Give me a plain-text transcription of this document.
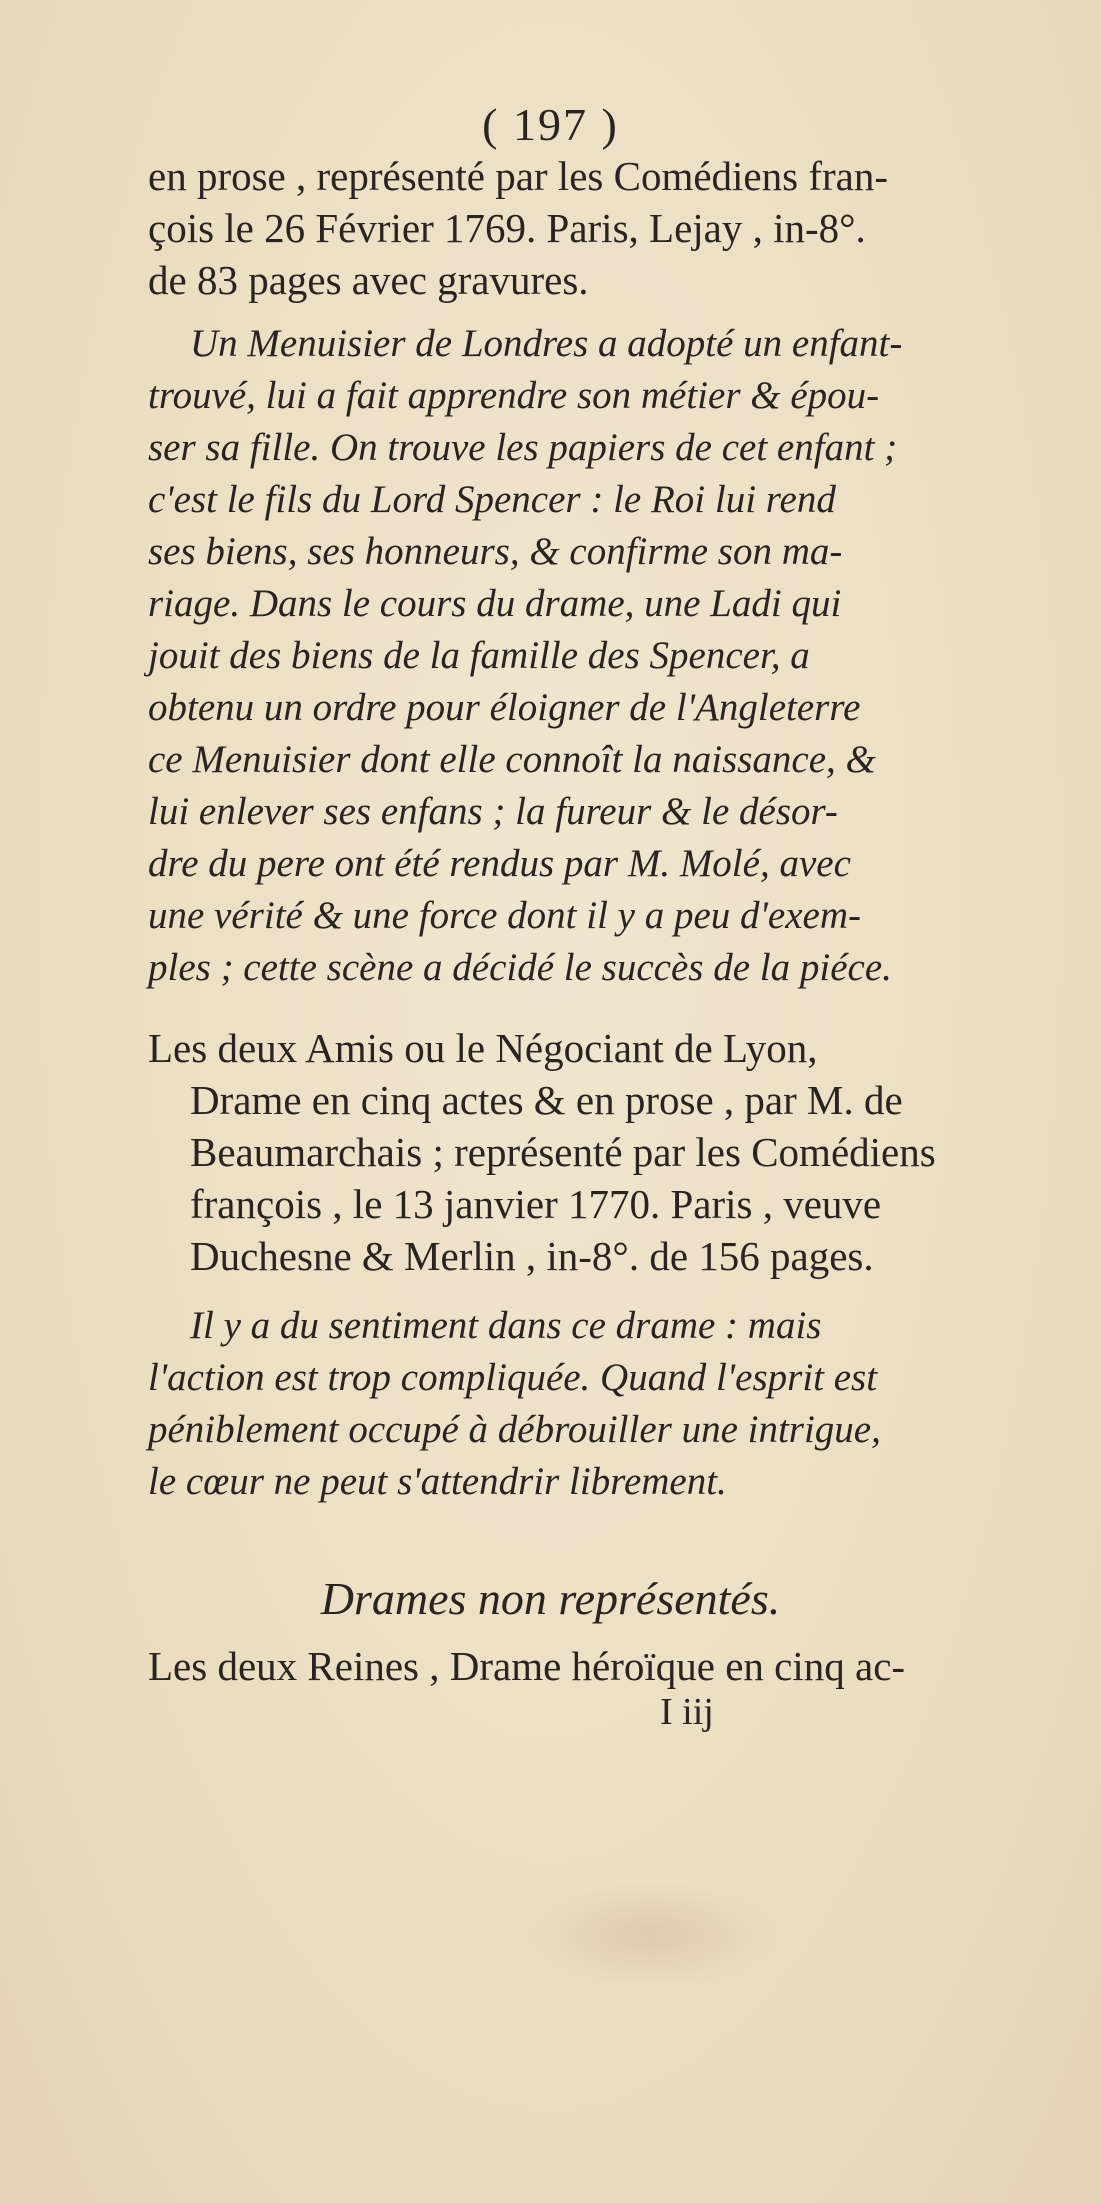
( 197 )
en prose , représenté par les Comédiens fran-
çois le 26 Février 1769. Paris, Lejay , in-8°.
de 83 pages avec gravures.
Un Menuisier de Londres a adopté un enfant-
trouvé, lui a fait apprendre son métier & épou-
ser sa fille. On trouve les papiers de cet enfant ;
c'est le fils du Lord Spencer : le Roi lui rend
ses biens, ses honneurs, & confirme son ma-
riage. Dans le cours du drame, une Ladi qui
jouit des biens de la famille des Spencer, a
obtenu un ordre pour éloigner de l'Angleterre
ce Menuisier dont elle connoît la naissance, &
lui enlever ses enfans ; la fureur & le désor-
dre du pere ont été rendus par M. Molé, avec
une vérité & une force dont il y a peu d'exem-
ples ; cette scène a décidé le succès de la piéce.
Les deux Amis ou le Négociant de Lyon,
Drame en cinq actes & en prose , par M. de
Beaumarchais ; représenté par les Comédiens
françois , le 13 janvier 1770. Paris , veuve
Duchesne & Merlin , in-8°. de 156 pages.
Il y a du sentiment dans ce drame : mais
l'action est trop compliquée. Quand l'esprit est
péniblement occupé à débrouiller une intrigue,
le cœur ne peut s'attendrir librement.
Drames non représentés.
Les deux Reines , Drame héroïque en cinq ac-
I iij
